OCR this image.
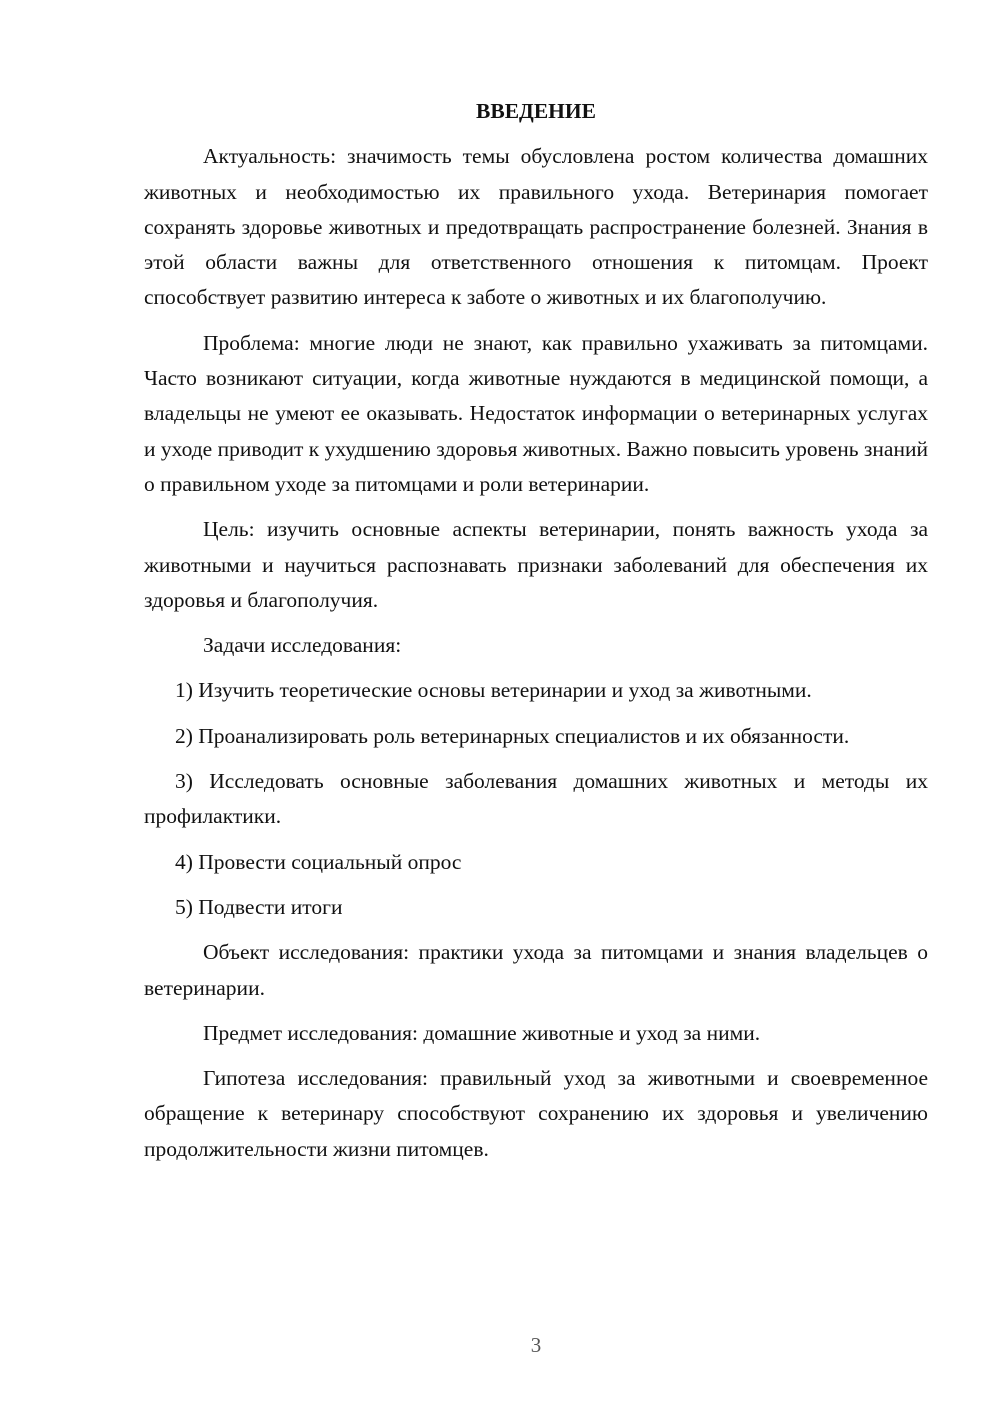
ВВЕДЕНИЕ

Актуальность: значимость темы обусловлена ростом количества домашних животных и необходимостью их правильного ухода. Ветеринария помогает сохранять здоровье животных и предотвращать распространение болезней. Знания в этой области важны для ответственного отношения к питомцам. Проект способствует развитию интереса к заботе о животных и их благополучию.

Проблема: многие люди не знают, как правильно ухаживать за питомцами. Часто возникают ситуации, когда животные нуждаются в медицинской помощи, а владельцы не умеют ее оказывать. Недостаток информации о ветеринарных услугах и уходе приводит к ухудшению здоровья животных. Важно повысить уровень знаний о правильном уходе за питомцами и роли ветеринарии.

Цель: изучить основные аспекты ветеринарии, понять важность ухода за животными и научиться распознавать признаки заболеваний для обеспечения их здоровья и благополучия.

Задачи исследования:

1) Изучить теоретические основы ветеринарии и уход за животными.

2) Проанализировать роль ветеринарных специалистов и их обязанности.

3) Исследовать основные заболевания домашних животных и методы их профилактики.

4) Провести социальный опрос

5) Подвести итоги

Объект исследования: практики ухода за питомцами и знания владельцев о ветеринарии.

Предмет исследования: домашние животные и уход за ними.

Гипотеза исследования: правильный уход за животными и своевременное обращение к ветеринару способствуют сохранению их здоровья и увеличению продолжительности жизни питомцев.

3
